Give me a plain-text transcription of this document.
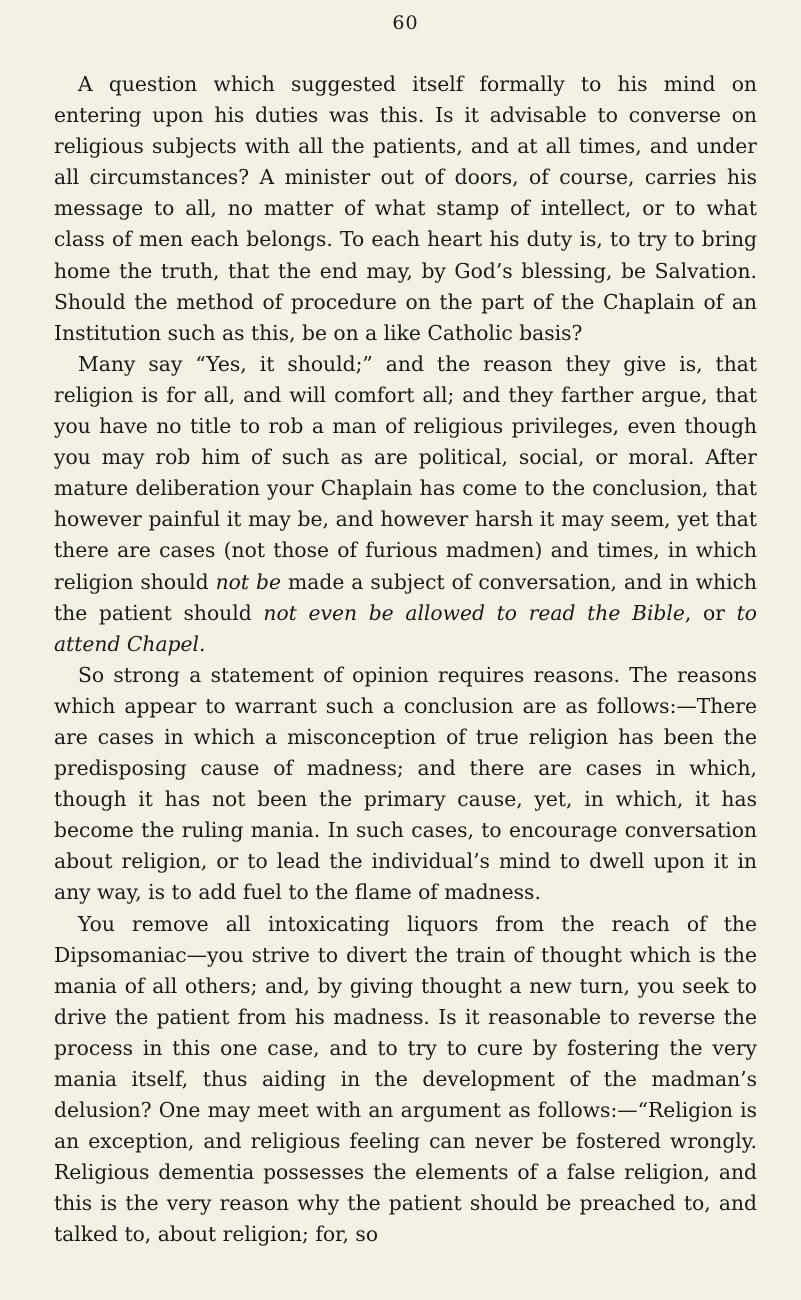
60

A question which suggested itself formally to his mind on entering upon his duties was this. Is it advisable to converse on religious subjects with all the patients, and at all times, and under all circumstances? A minister out of doors, of course, carries his message to all, no matter of what stamp of intellect, or to what class of men each belongs. To each heart his duty is, to try to bring home the truth, that the end may, by God’s blessing, be Salvation. Should the method of procedure on the part of the Chaplain of an Institution such as this, be on a like Catholic basis?

Many say “Yes, it should;” and the reason they give is, that religion is for all, and will comfort all; and they farther argue, that you have no title to rob a man of religious privileges, even though you may rob him of such as are political, social, or moral. After mature deliberation your Chaplain has come to the conclusion, that however painful it may be, and however harsh it may seem, yet that there are cases (not those of furious madmen) and times, in which religion should not be made a subject of conversation, and in which the patient should not even be allowed to read the Bible, or to attend Chapel.

So strong a statement of opinion requires reasons. The reasons which appear to warrant such a conclusion are as follows:—There are cases in which a misconception of true religion has been the predisposing cause of madness; and there are cases in which, though it has not been the primary cause, yet, in which, it has become the ruling mania. In such cases, to encourage conversation about religion, or to lead the individual’s mind to dwell upon it in any way, is to add fuel to the flame of madness.

You remove all intoxicating liquors from the reach of the Dipsomaniac—you strive to divert the train of thought which is the mania of all others; and, by giving thought a new turn, you seek to drive the patient from his madness. Is it reasonable to reverse the process in this one case, and to try to cure by fostering the very mania itself, thus aiding in the development of the madman’s delusion? One may meet with an argument as follows:—“Religion is an exception, and religious feeling can never be fostered wrongly. Religious dementia possesses the elements of a false religion, and this is the very reason why the patient should be preached to, and talked to, about religion; for, so
